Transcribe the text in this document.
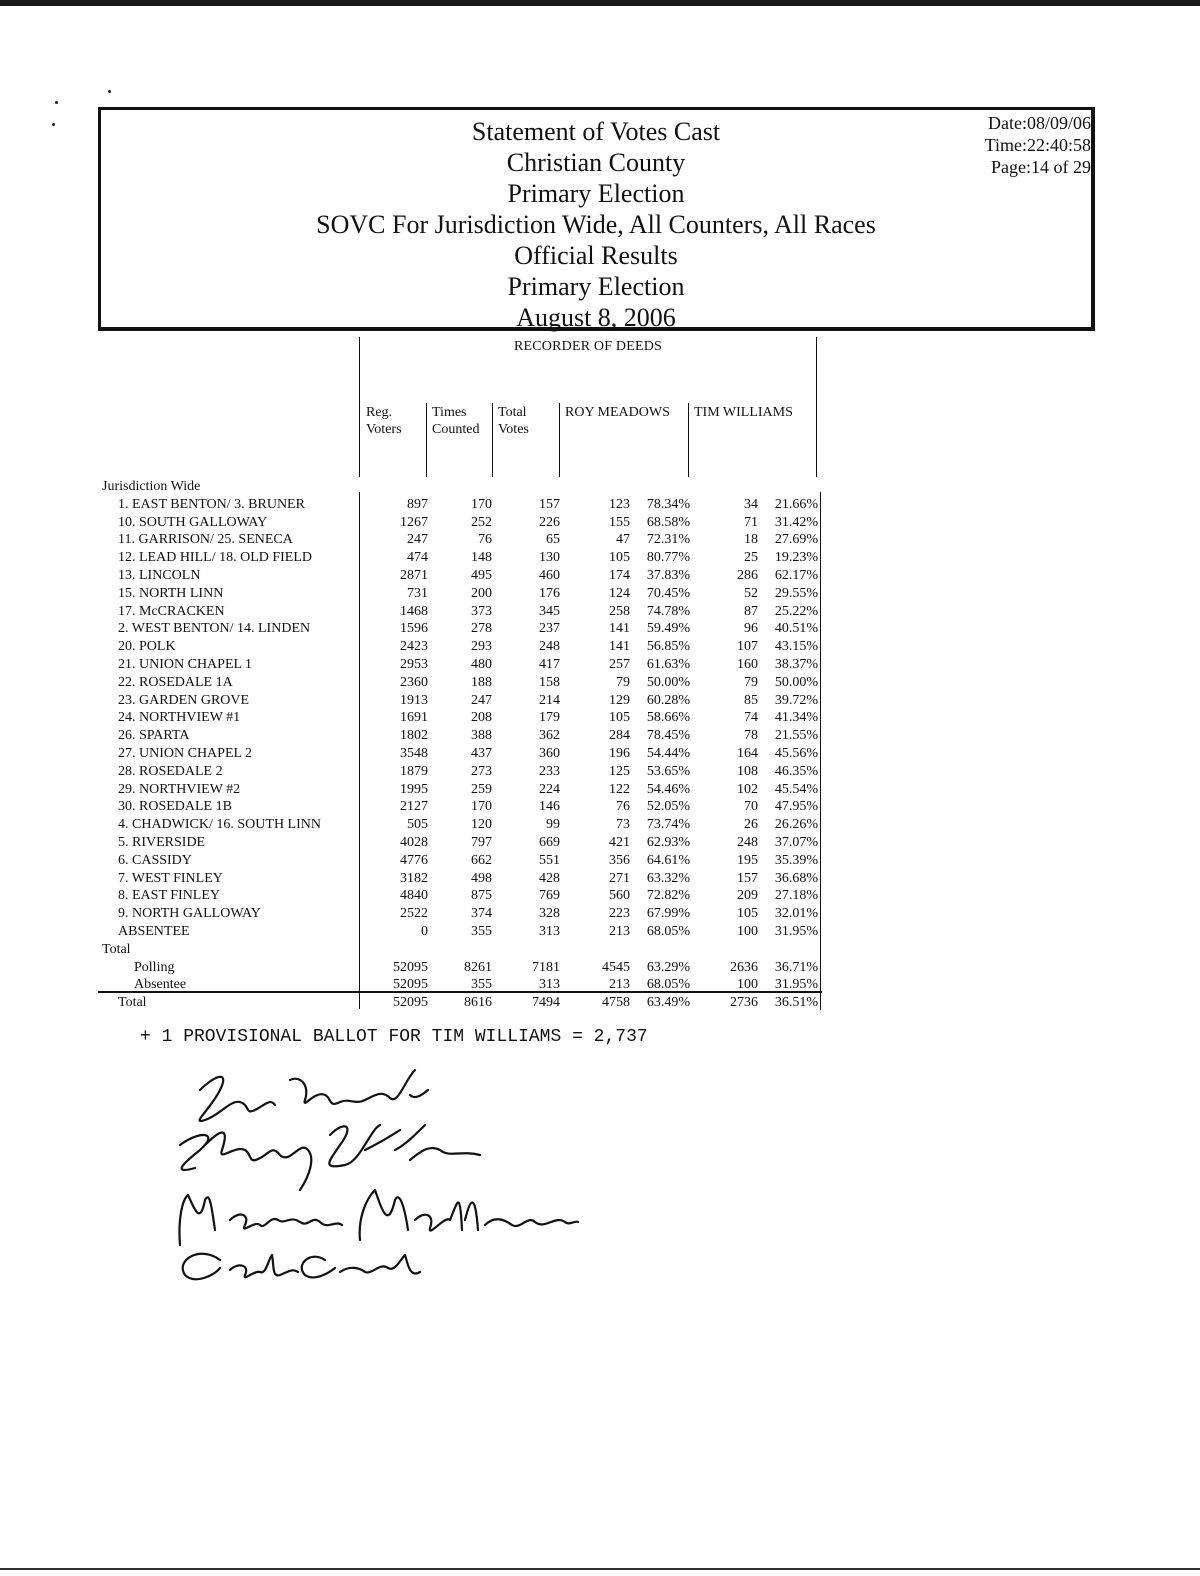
Statement of Votes Cast
Christian County
Primary Election
SOVC For Jurisdiction Wide, All Counters, All Races
Official Results
Primary Election
August 8, 2006
Date:08/09/06
Time:22:40:58
Page:14 of 29
RECORDER OF DEEDS
Reg.
Voters
Times
Counted
Total
Votes
ROY MEADOWS TIM WILLIAMS
Jurisdiction Wide
1. EAST BENTON/ 3. BRUNER	897	170	157	123	78.34%	34	21.66%
10. SOUTH GALLOWAY	1267	252	226	155	68.58%	71	31.42%
11. GARRISON/ 25. SENECA	247	76	65	47	72.31%	18	27.69%
12. LEAD HILL/ 18. OLD FIELD	474	148	130	105	80.77%	25	19.23%
13. LINCOLN	2871	495	460	174	37.83%	286	62.17%
15. NORTH LINN	731	200	176	124	70.45%	52	29.55%
17. McCRACKEN	1468	373	345	258	74.78%	87	25.22%
2. WEST BENTON/ 14. LINDEN	1596	278	237	141	59.49%	96	40.51%
20. POLK	2423	293	248	141	56.85%	107	43.15%
21. UNION CHAPEL 1	2953	480	417	257	61.63%	160	38.37%
22. ROSEDALE 1A	2360	188	158	79	50.00%	79	50.00%
23. GARDEN GROVE	1913	247	214	129	60.28%	85	39.72%
24. NORTHVIEW #1	1691	208	179	105	58.66%	74	41.34%
26. SPARTA	1802	388	362	284	78.45%	78	21.55%
27. UNION CHAPEL 2	3548	437	360	196	54.44%	164	45.56%
28. ROSEDALE 2	1879	273	233	125	53.65%	108	46.35%
29. NORTHVIEW #2	1995	259	224	122	54.46%	102	45.54%
30. ROSEDALE 1B	2127	170	146	76	52.05%	70	47.95%
4. CHADWICK/ 16. SOUTH LINN	505	120	99	73	73.74%	26	26.26%
5. RIVERSIDE	4028	797	669	421	62.93%	248	37.07%
6. CASSIDY	4776	662	551	356	64.61%	195	35.39%
7. WEST FINLEY	3182	498	428	271	63.32%	157	36.68%
8. EAST FINLEY	4840	875	769	560	72.82%	209	27.18%
9. NORTH GALLOWAY	2522	374	328	223	67.99%	105	32.01%
ABSENTEE	0	355	313	213	68.05%	100	31.95%
Total
Polling	52095	8261	7181	4545	63.29%	2636	36.71%
Absentee	52095	355	313	213	68.05%	100	31.95%
Total	52095	8616	7494	4758	63.49%	2736	36.51%
+ 1 PROVISIONAL BALLOT FOR TIM WILLIAMS = 2,737
